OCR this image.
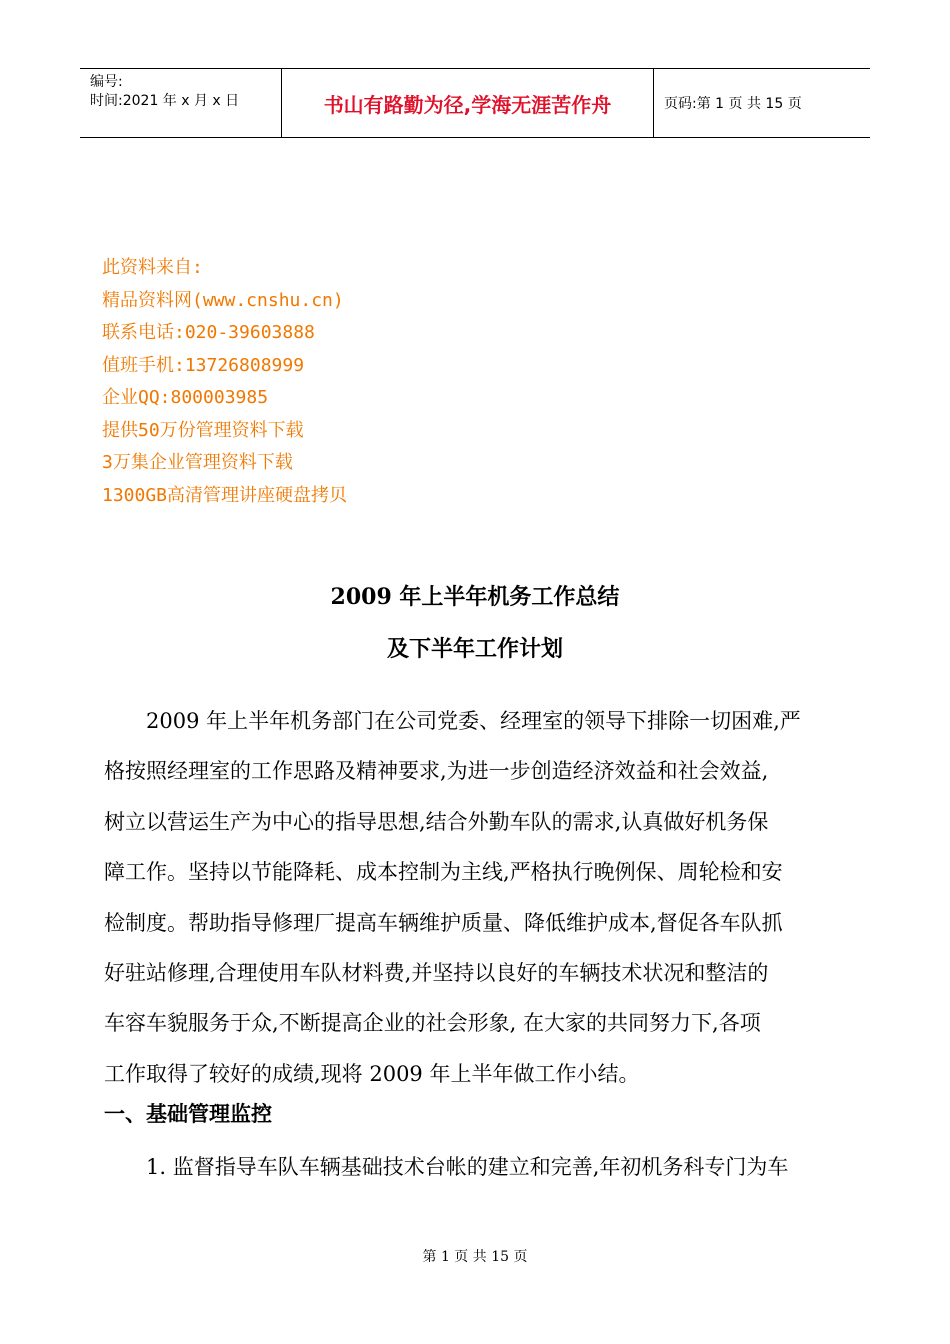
编号:
时间:2021 年 x 月 x 日	书山有路勤为径,学海无涯苦作舟	页码:第 1 页 共 15 页
此资料来自:
精品资料网(www.cnshu.cn)
联系电话:020-39603888
值班手机:13726808999
企业QQ:800003985
提供50万份管理资料下载
3万集企业管理资料下载
1300GB高清管理讲座硬盘拷贝
2009 年上半年机务工作总结
及下半年工作计划
2009 年上半年机务部门在公司党委、经理室的领导下排除一切困难,严
格按照经理室的工作思路及精神要求,为进一步创造经济效益和社会效益,
树立以营运生产为中心的指导思想,结合外勤车队的需求,认真做好机务保
障工作。坚持以节能降耗、成本控制为主线,严格执行晚例保、周轮检和安
检制度。帮助指导修理厂提高车辆维护质量、降低维护成本,督促各车队抓
好驻站修理,合理使用车队材料费,并坚持以良好的车辆技术状况和整洁的
车容车貌服务于众,不断提高企业的社会形象, 在大家的共同努力下,各项
工作取得了较好的成绩,现将 2009 年上半年做工作小结。
一、基础管理监控
1. 监督指导车队车辆基础技术台帐的建立和完善,年初机务科专门为车
第 1 页 共 15 页
